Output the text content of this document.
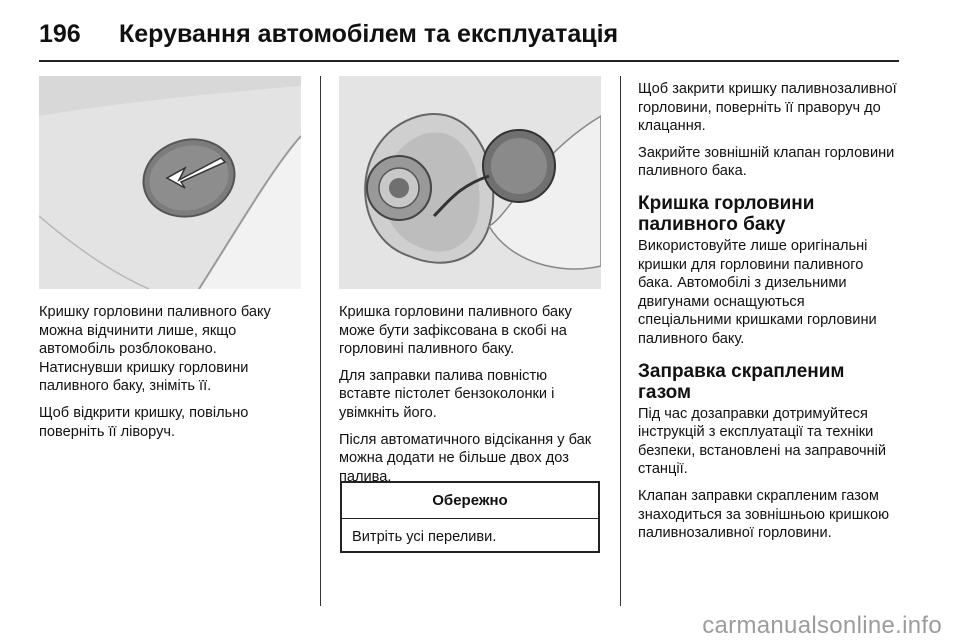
196	Керування автомобілем та експлуатація

Кришку горловини паливного баку можна відчинити лише, якщо автомобіль розблоковано. Натиснувши кришку горловини паливного баку, зніміть її.

Щоб відкрити кришку, повільно поверніть її ліворуч.

Кришка горловини паливного баку може бути зафіксована в скобі на горловині паливного баку.

Для заправки палива повністю вставте пістолет бензоколонки і увімкніть його.

Після автоматичного відсікання у бак можна додати не більше двох доз палива.

Обережно
Витріть усі переливи.

Щоб закрити кришку паливнозаливної горловини, поверніть її праворуч до клацання.

Закрийте зовнішній клапан горловини паливного бака.

Кришка горловини паливного баку

Використовуйте лише оригінальні кришки для горловини паливного бака. Автомобілі з дизельними двигунами оснащуються спеціальними кришками горловини паливного баку.

Заправка скрапленим газом

Під час дозаправки дотримуйтеся інструкцій з експлуатації та техніки безпеки, встановлені на заправочній станції.

Клапан заправки скрапленим газом знаходиться за зовнішньою кришкою паливнозаливної горловини.

carmanualsonline.info
